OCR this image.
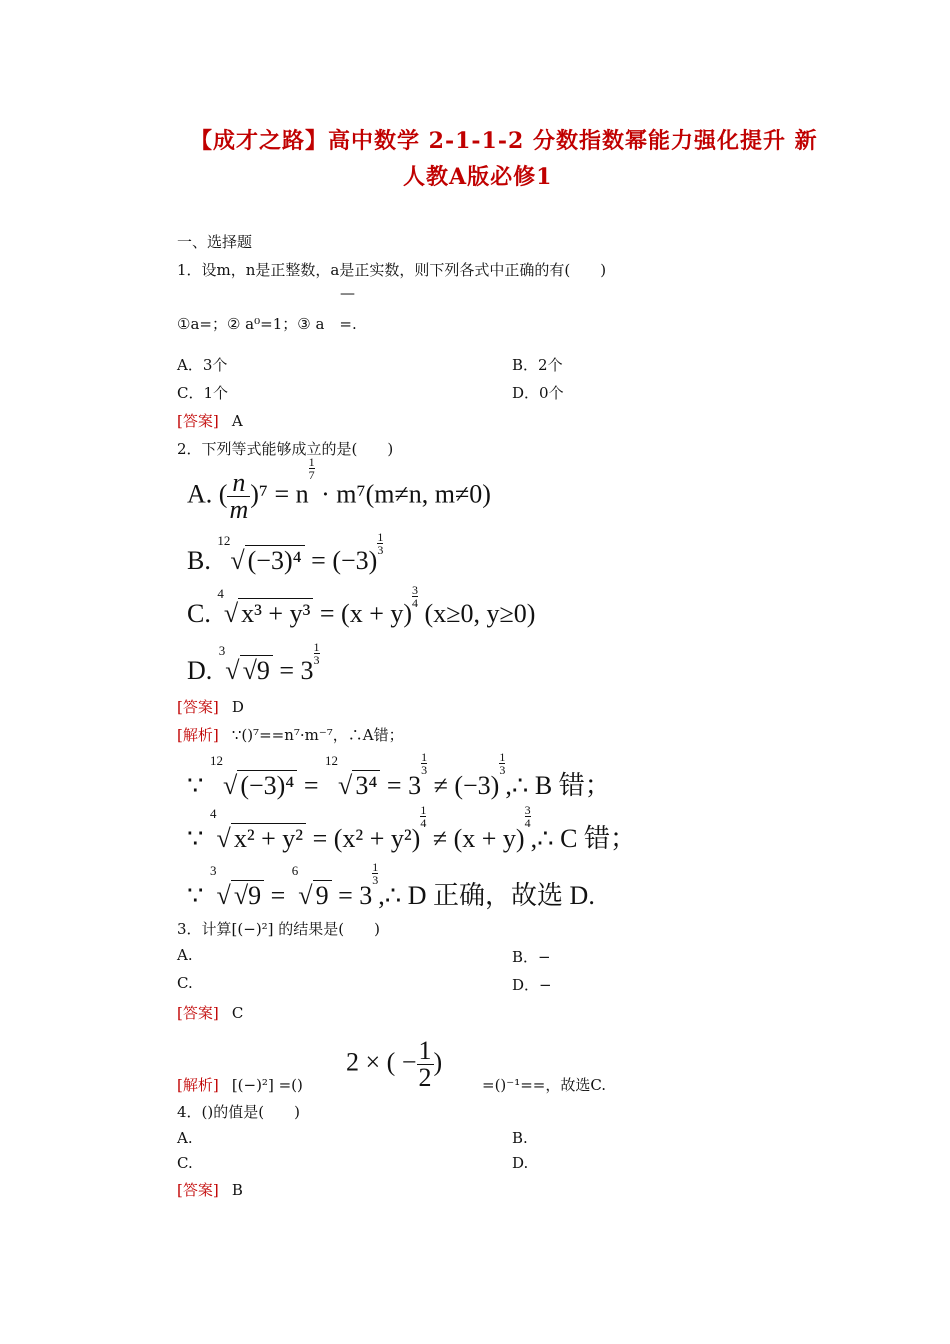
【成才之路】高中数学 2-1-1-2 分数指数幂能力强化提升 新
人教A版必修1
一、选择题
1．设m，n是正整数，a是正实数，则下列各式中正确的有(　　)
—
①a=；② a⁰=1；③ a　=.
A．3个	B．2个
C．1个	D．0个
[答案] A
2．下列等式能够成立的是(　　)
A. ( $\frac{n}{m} )^7 = n$
$\frac{1}{7}$
· m⁷(m≠n, m≠0)
B. $^{12}$√ (−3)⁴ = (−3)
$\frac{1}{3}$
C. $^4$√ x³ + y³ = (x + y)
$\frac{3}{4}$
(x≥0, y≥0)
D. $^3$√ √9 = 3
$\frac{1}{3}$
[答案] D
[解析] ∵()⁷==n⁷·m⁻⁷，∴A错；
∵ $^{12}$√ (−3)⁴ = $^{12}$√ 3⁴ = 3
$\frac{1}{3}$
≠ (−3)
$\frac{1}{3}$
,∴ B 错；
∵ $^4$√ x² + y² = (x² + y²)
$\frac{1}{4}$
≠ (x + y)
$\frac{3}{4}$
,∴ C 错；
∵ $^3$√ √9 = $^6$√ 9 = 3
$\frac{1}{3}$
,∴ D 正确，故选 D.
3．计算[(−)²] 的结果是(　　)
A.	B．−
C.	D．−
[答案] C
2 × ( − $\frac{1}{2}$ )
[解析] [(−)²] =()	=()⁻¹==，故选C.
4．()的值是(　　)
A.	B.
C.	D.
[答案] B
